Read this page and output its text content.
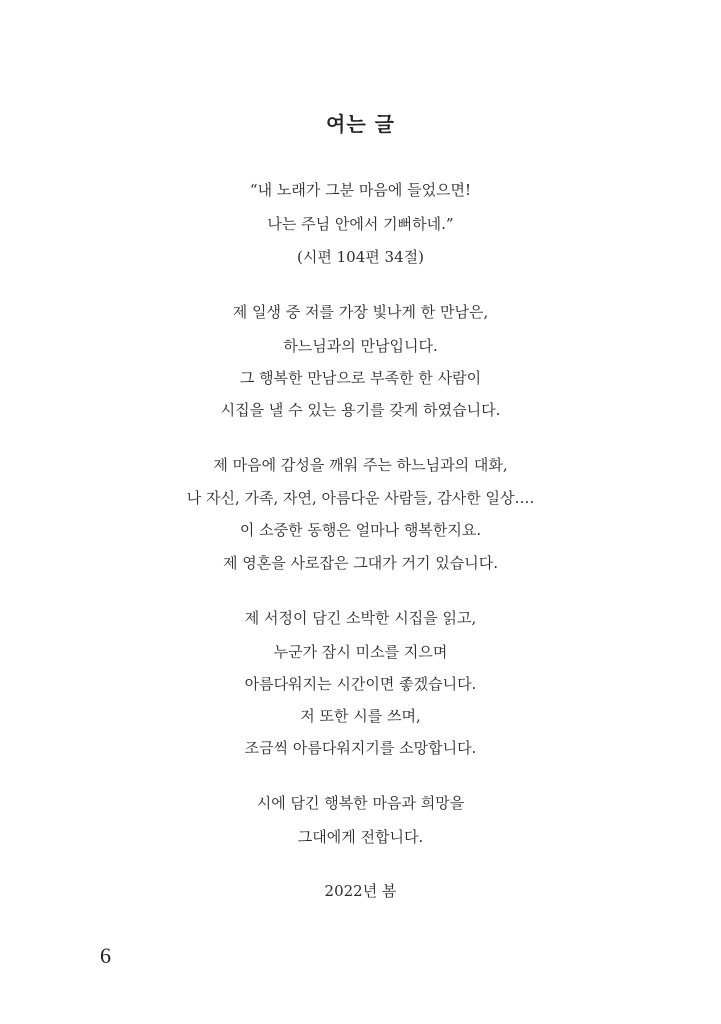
여는 글
“내 노래가 그분 마음에 들었으면!
나는 주님 안에서 기뻐하네.”
(시편 104편 34절)
제 일생 중 저를 가장 빛나게 한 만남은,
하느님과의 만남입니다.
그 행복한 만남으로 부족한 한 사람이
시집을 낼 수 있는 용기를 갖게 하였습니다.
제 마음에 감성을 깨워 주는 하느님과의 대화,
나 자신, 가족, 자연, 아름다운 사람들, 감사한 일상….
이 소중한 동행은 얼마나 행복한지요.
제 영혼을 사로잡은 그대가 거기 있습니다.
제 서정이 담긴 소박한 시집을 읽고,
누군가 잠시 미소를 지으며
아름다워지는 시간이면 좋겠습니다.
저 또한 시를 쓰며,
조금씩 아름다워지기를 소망합니다.
시에 담긴 행복한 마음과 희망을
그대에게 전합니다.
2022년 봄
6
